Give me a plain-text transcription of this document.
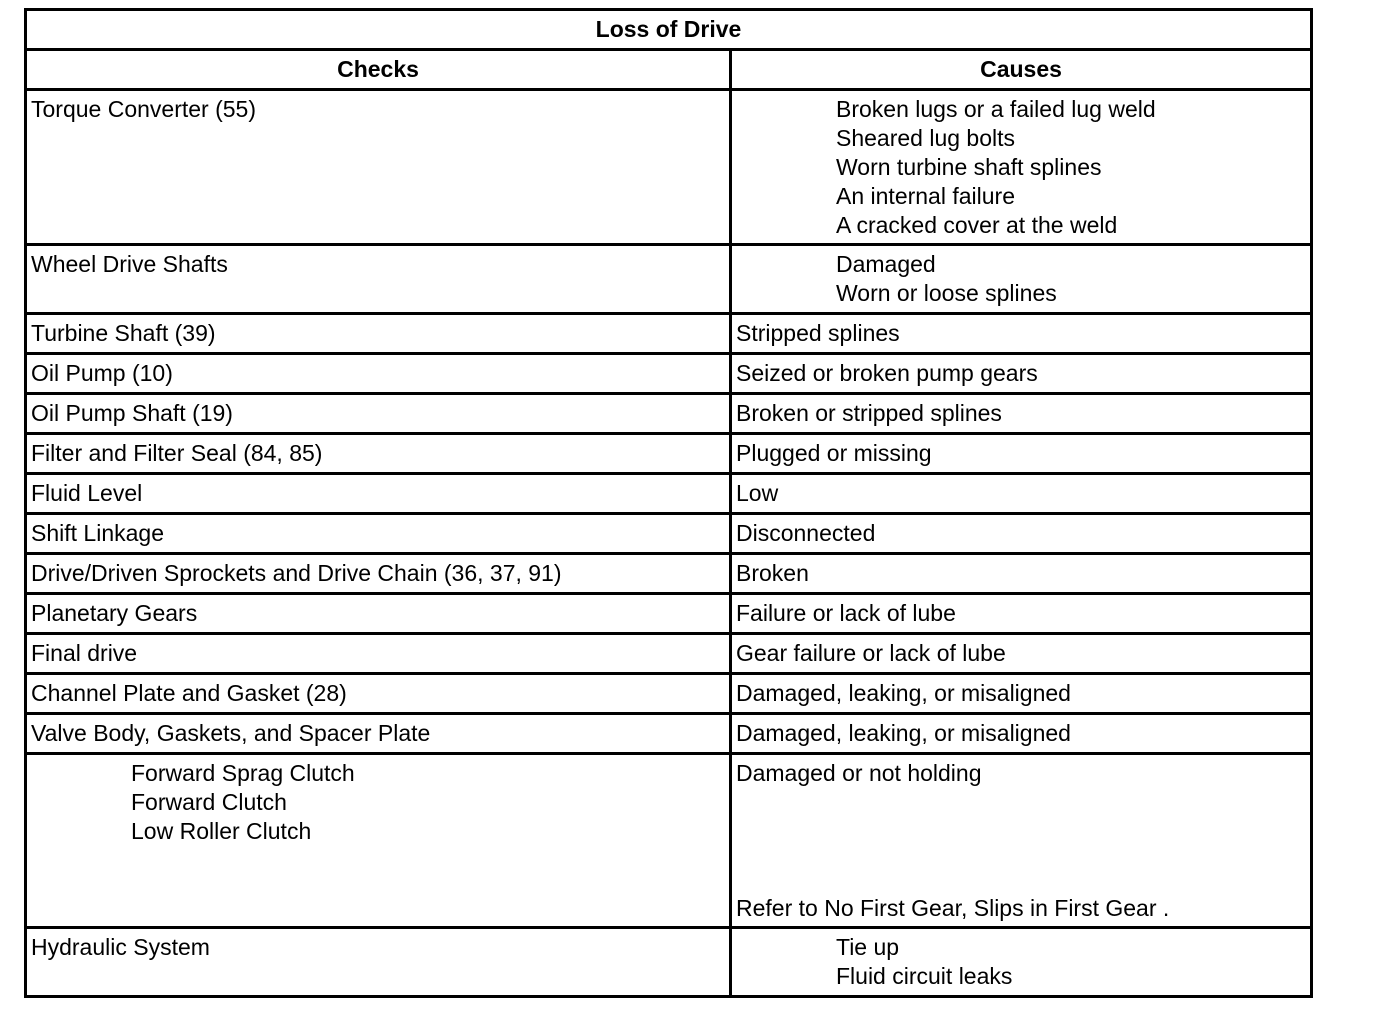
Loss of Drive	
Checks	Causes

Torque Converter (55)	Broken lugs or a failed lug weld
Sheared lug bolts
Worn turbine shaft splines
An internal failure
A cracked cover at the weld

Wheel Drive Shafts	Damaged
Worn or loose splines

Turbine Shaft (39)	Stripped splines

Oil Pump (10)	Seized or broken pump gears

Oil Pump Shaft (19)	Broken or stripped splines

Filter and Filter Seal (84, 85)	Plugged or missing

Fluid Level	Low

Shift Linkage	Disconnected

Drive/Driven Sprockets and Drive Chain (36, 37, 91)	Broken

Planetary Gears	Failure or lack of lube

Final drive	Gear failure or lack of lube

Channel Plate and Gasket (28)	Damaged, leaking, or misaligned

Valve Body, Gaskets, and Spacer Plate	Damaged, leaking, or misaligned

Forward Sprag Clutch
Forward Clutch
Low Roller Clutch	Damaged or not holding
Refer to No First Gear, Slips in First Gear .

Hydraulic System	Tie up
Fluid circuit leaks
